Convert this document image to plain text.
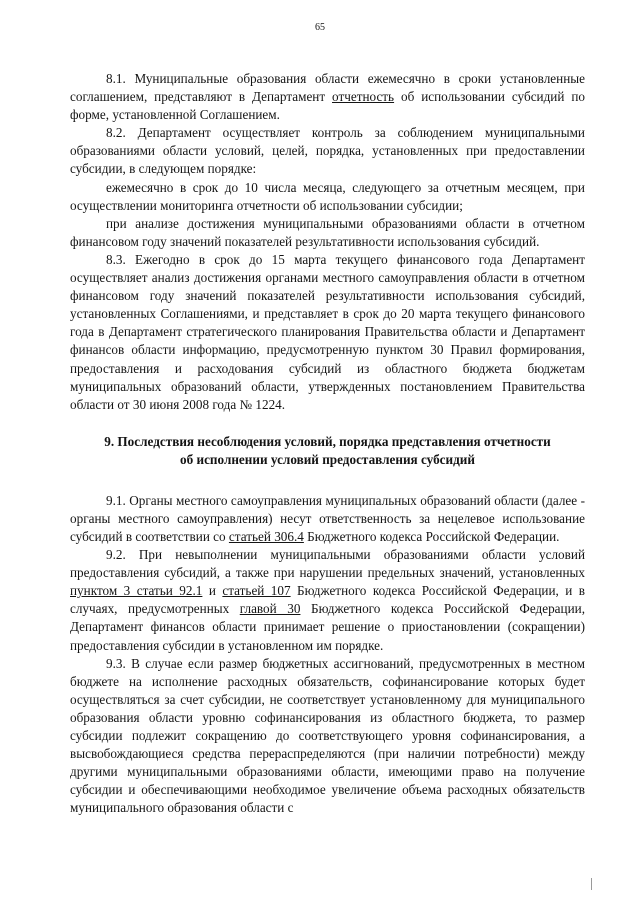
65

8.1. Муниципальные образования области ежемесячно в сроки установленные соглашением, представляют в Департамент отчетность об использовании субсидий по форме, установленной Соглашением.

8.2. Департамент осуществляет контроль за соблюдением муниципальными образованиями области условий, целей, порядка, установленных при предоставлении субсидии, в следующем порядке:

ежемесячно в срок до 10 числа месяца, следующего за отчетным месяцем, при осуществлении мониторинга отчетности об использовании субсидии;

при анализе достижения муниципальными образованиями области в отчетном финансовом году значений показателей результативности использования субсидий.

8.3. Ежегодно в срок до 15 марта текущего финансового года Департамент осуществляет анализ достижения органами местного самоуправления области в отчетном финансовом году значений показателей результативности использования субсидий, установленных Соглашениями, и представляет в срок до 20 марта текущего финансового года в Департамент стратегического планирования Правительства области и Департамент финансов области информацию, предусмотренную пунктом 30 Правил формирования, предоставления и расходования субсидий из областного бюджета бюджетам муниципальных образований области, утвержденных постановлением Правительства области от 30 июня 2008 года № 1224.

9. Последствия несоблюдения условий, порядка представления отчетности
об исполнении условий предоставления субсидий

9.1. Органы местного самоуправления муниципальных образований области (далее - органы местного самоуправления) несут ответственность за нецелевое использование субсидий в соответствии со статьей 306.4 Бюджетного кодекса Российской Федерации.

9.2. При невыполнении муниципальными образованиями области условий предоставления субсидий, а также при нарушении предельных значений, установленных пунктом 3 статьи 92.1 и статьей 107 Бюджетного кодекса Российской Федерации, и в случаях, предусмотренных главой 30 Бюджетного кодекса Российской Федерации, Департамент финансов области принимает решение о приостановлении (сокращении) предоставления субсидии в установленном им порядке.

9.3. В случае если размер бюджетных ассигнований, предусмотренных в местном бюджете на исполнение расходных обязательств, софинансирование которых будет осуществляться за счет субсидии, не соответствует установленному для муниципального образования области уровню софинансирования из областного бюджета, то размер субсидии подлежит сокращению до соответствующего уровня софинансирования, а высвобождающиеся средства перераспределяются (при наличии потребности) между другими муниципальными образованиями области, имеющими право на получение субсидии и обеспечивающими необходимое увеличение объема расходных обязательств муниципального образования области с
